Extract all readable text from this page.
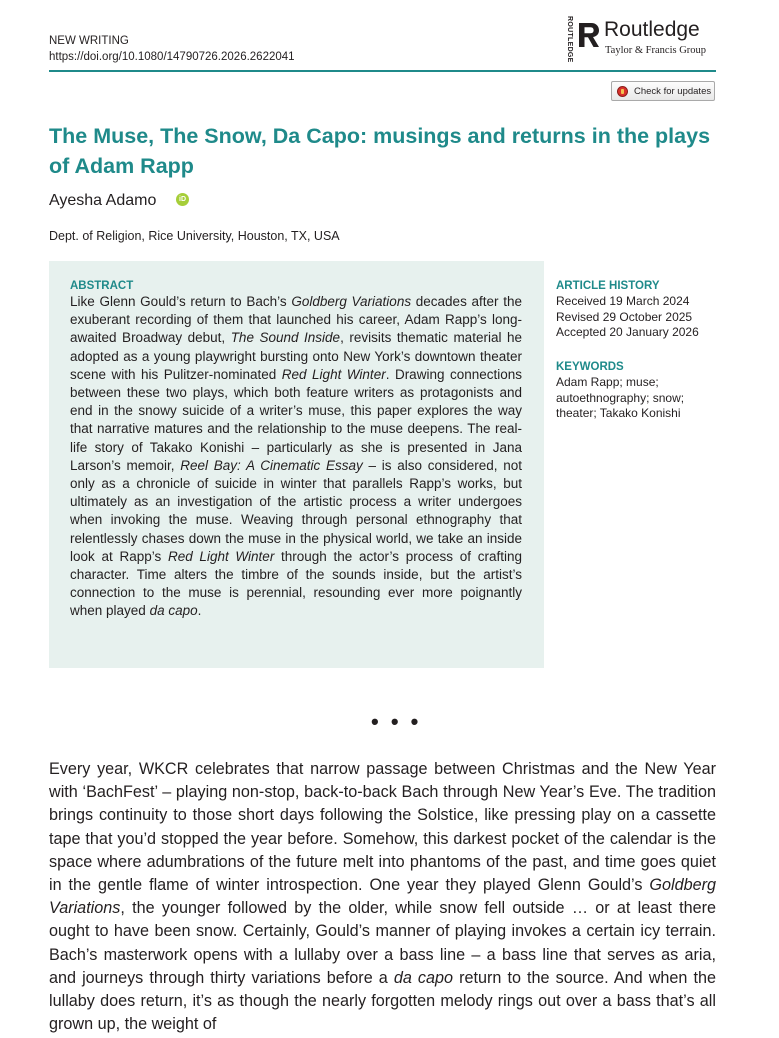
NEW WRITING
https://doi.org/10.1080/14790726.2026.2622041	ROUTLEDGE Routledge
Taylor & Francis Group
Check for updates
The Muse, The Snow, Da Capo: musings and returns in the plays of Adam Rapp
Ayesha Adamo	iD
Dept. of Religion, Rice University, Houston, TX, USA
ABSTRACT

Like Glenn Gould’s return to Bach’s Goldberg Variations decades after the exuberant recording of them that launched his career, Adam Rapp’s long-awaited Broadway debut, The Sound Inside, revisits thematic material he adopted as a young playwright bursting onto New York’s downtown theater scene with his Pulitzer-nominated Red Light Winter. Drawing connections between these two plays, which both feature writers as protagonists and end in the snowy suicide of a writer’s muse, this paper explores the way that narrative matures and the relationship to the muse deepens. The real-life story of Takako Konishi – particularly as she is presented in Jana Larson’s memoir, Reel Bay: A Cinematic Essay – is also considered, not only as a chronicle of suicide in winter that parallels Rapp’s works, but ultimately as an investigation of the artistic process a writer undergoes when invoking the muse. Weaving through personal ethnography that relentlessly chases down the muse in the physical world, we take an inside look at Rapp’s Red Light Winter through the actor’s process of crafting character. Time alters the timbre of the sounds inside, but the artist’s connection to the muse is perennial, resounding ever more poignantly when played da capo.

ARTICLE HISTORY
Received 19 March 2024
Revised 29 October 2025
Accepted 20 January 2026
KEYWORDS
Adam Rapp; muse;
autoethnography; snow;
theater; Takako Konishi
• • •

Every year, WKCR celebrates that narrow passage between Christmas and the New Year with ‘BachFest’ – playing non-stop, back-to-back Bach through New Year’s Eve. The tradition brings continuity to those short days following the Solstice, like pressing play on a cassette tape that you’d stopped the year before. Somehow, this darkest pocket of the calendar is the space where adumbrations of the future melt into phantoms of the past, and time goes quiet in the gentle flame of winter introspection. One year they played Glenn Gould’s Goldberg Variations, the younger followed by the older, while snow fell outside … or at least there ought to have been snow. Certainly, Gould’s manner of playing invokes a certain icy terrain. Bach’s masterwork opens with a lullaby over a bass line – a bass line that serves as aria, and journeys through thirty variations before a da capo return to the source. And when the lullaby does return, it’s as though the nearly forgotten melody rings out over a bass that’s all grown up, the weight of
